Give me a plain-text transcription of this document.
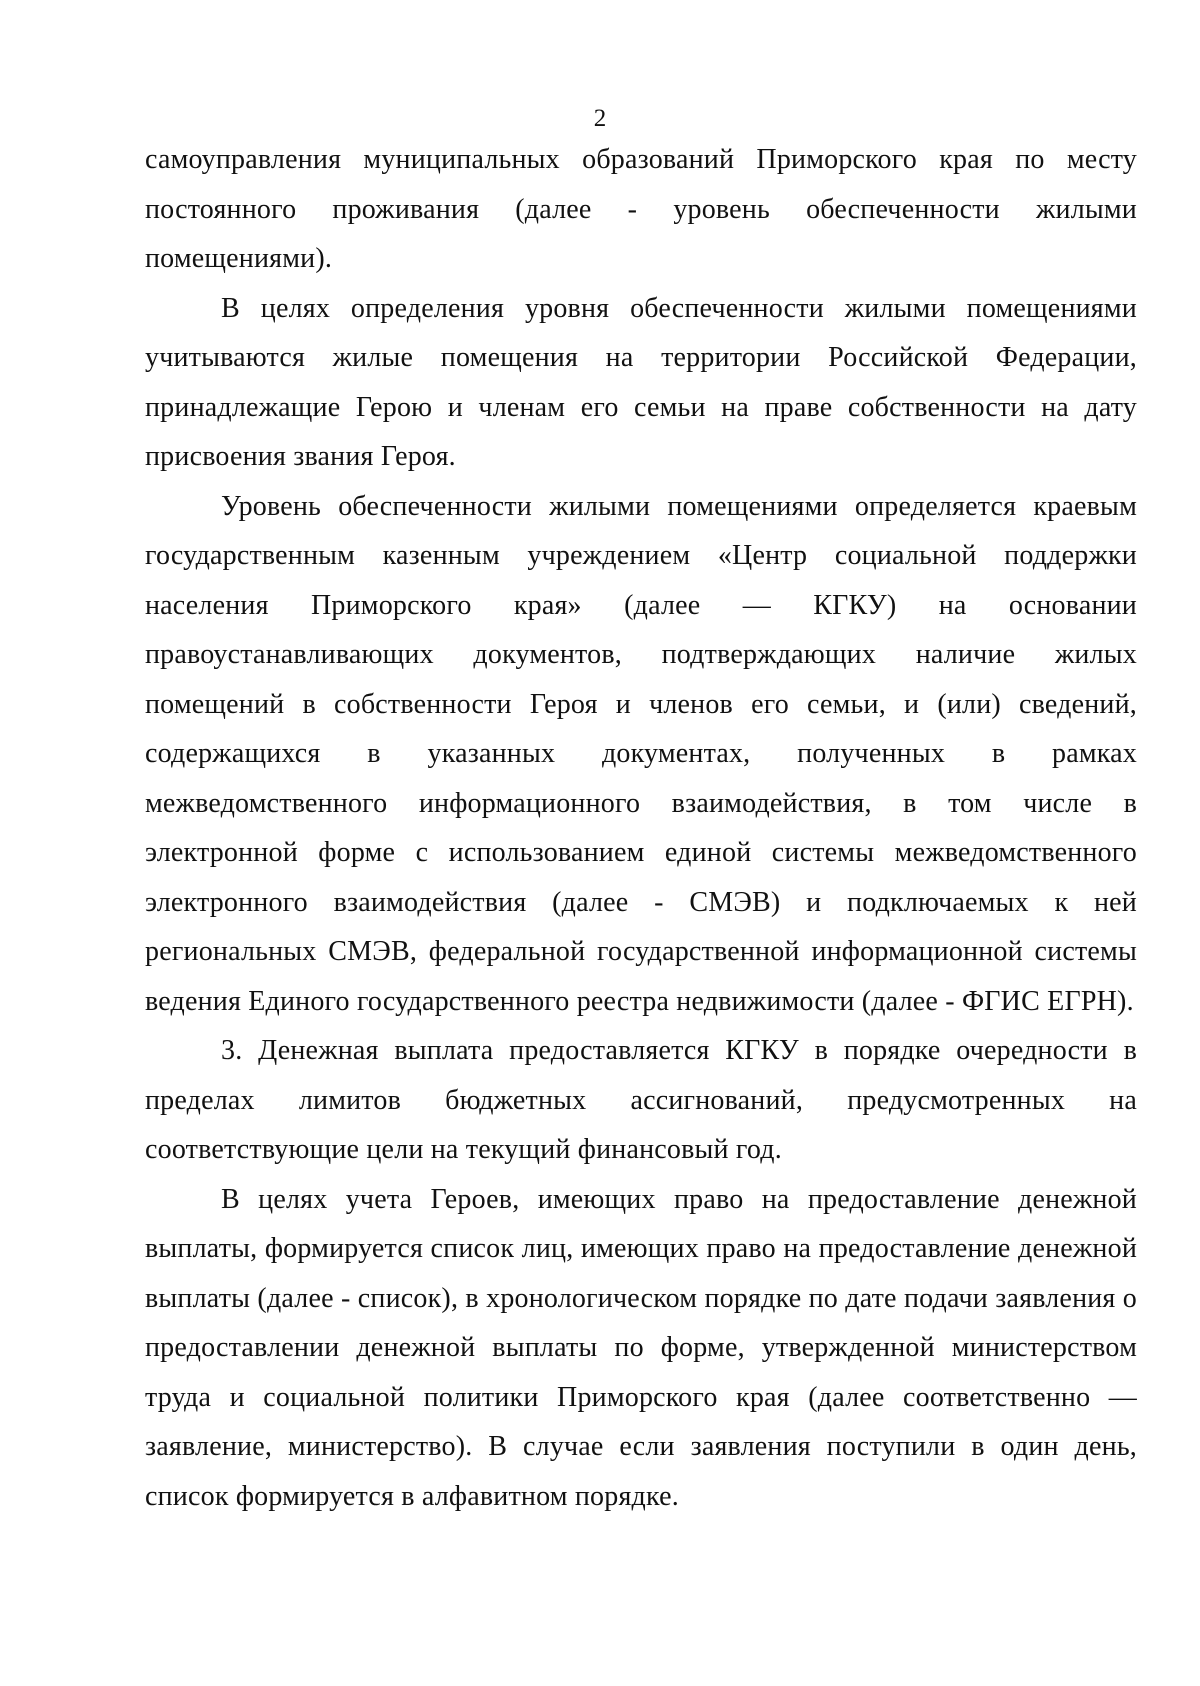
2

самоуправления муниципальных образований Приморского края по месту постоянного проживания (далее - уровень обеспеченности жилыми помещениями).

В целях определения уровня обеспеченности жилыми помещениями учитываются жилые помещения на территории Российской Федерации, принадлежащие Герою и членам его семьи на праве собственности на дату присвоения звания Героя.

Уровень обеспеченности жилыми помещениями определяется краевым государственным казенным учреждением «Центр социальной поддержки населения Приморского края» (далее — КГКУ) на основании правоустанавливающих документов, подтверждающих наличие жилых помещений в собственности Героя и членов его семьи, и (или) сведений, содержащихся в указанных документах, полученных в рамках межведомственного информационного взаимодействия, в том числе в электронной форме с использованием единой системы межведомственного электронного взаимодействия (далее - СМЭВ) и подключаемых к ней региональных СМЭВ, федеральной государственной информационной системы ведения Единого государственного реестра недвижимости (далее - ФГИС ЕГРН).

3. Денежная выплата предоставляется КГКУ в порядке очередности в пределах лимитов бюджетных ассигнований, предусмотренных на соответствующие цели на текущий финансовый год.

В целях учета Героев, имеющих право на предоставление денежной выплаты, формируется список лиц, имеющих право на предоставление денежной выплаты (далее - список), в хронологическом порядке по дате подачи заявления о предоставлении денежной выплаты по форме, утвержденной министерством труда и социальной политики Приморского края (далее соответственно — заявление, министерство). В случае если заявления поступили в один день, список формируется в алфавитном порядке.
